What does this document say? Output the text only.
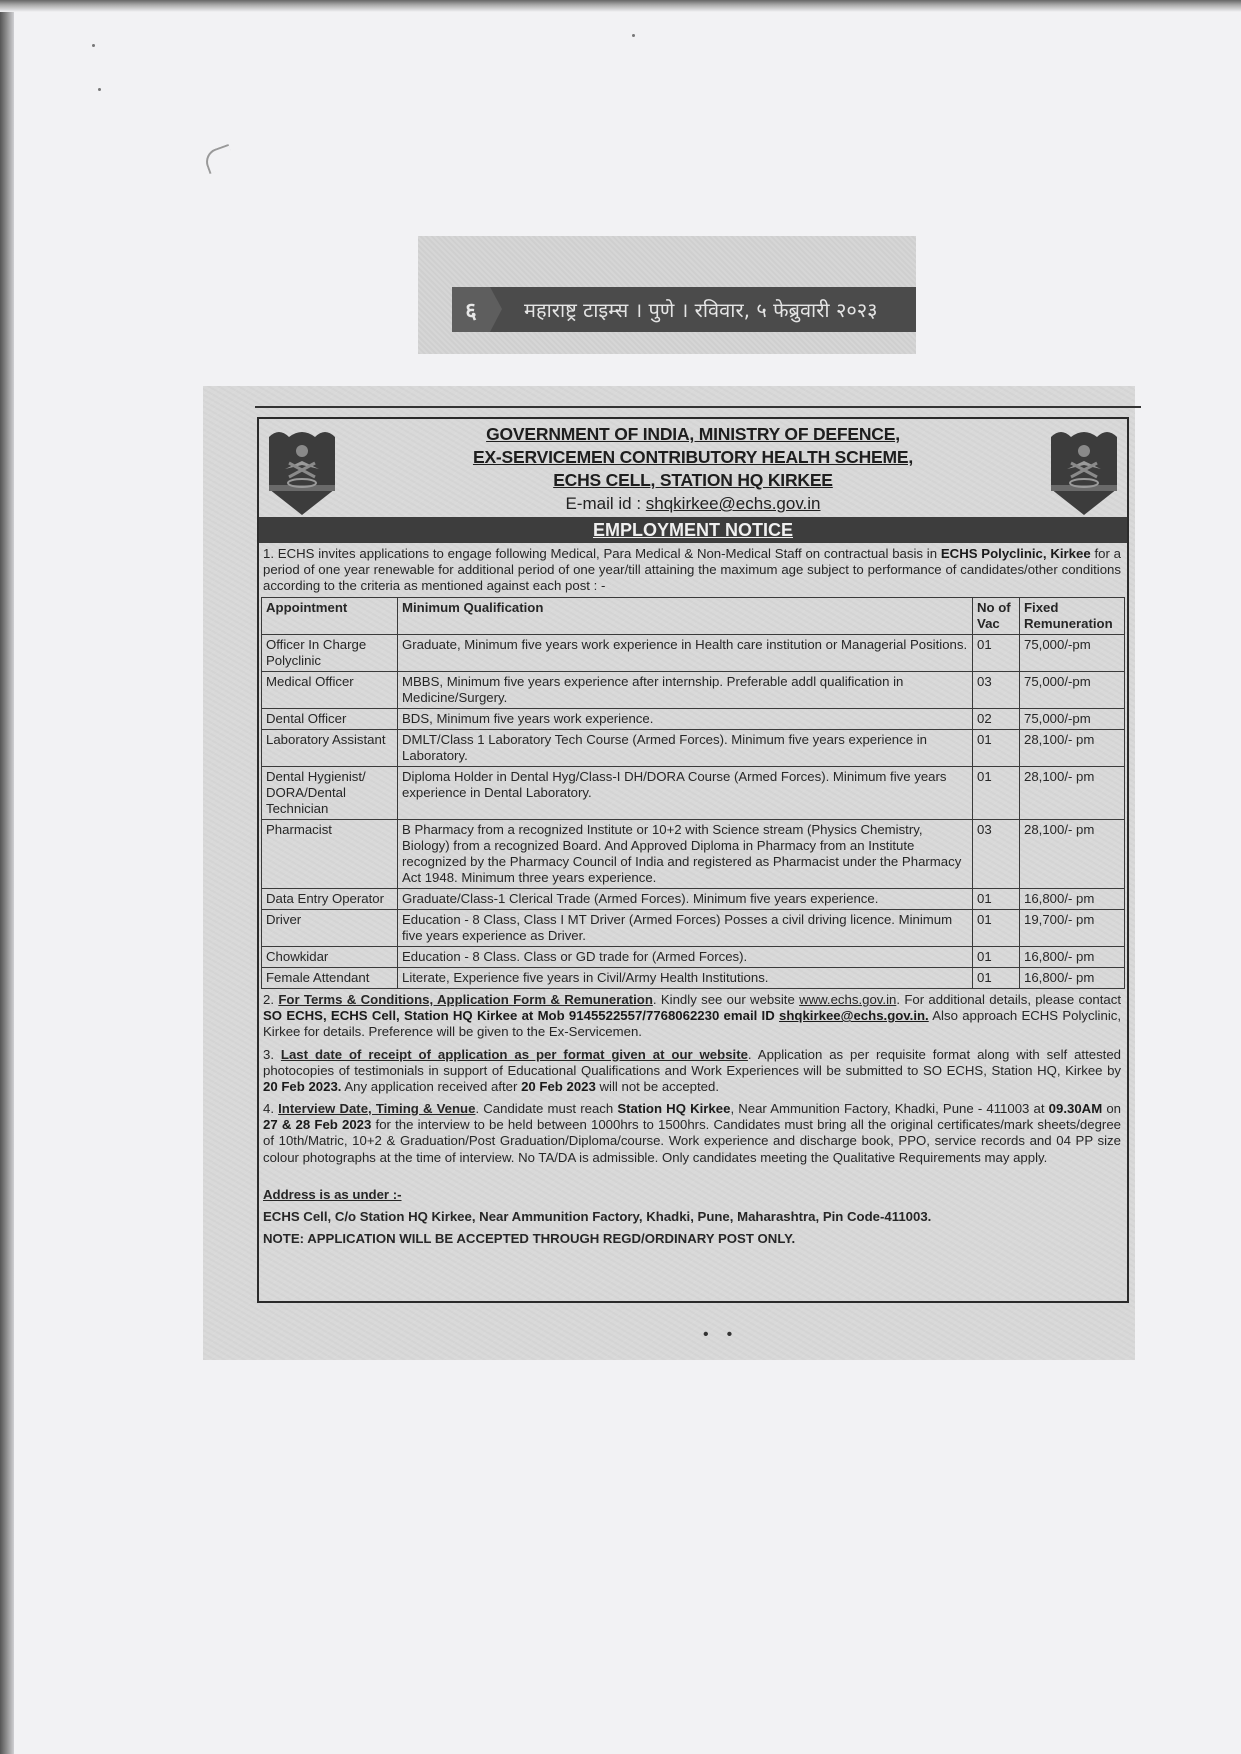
६	महाराष्ट्र टाइम्स । पुणे । रविवार, ५ फेब्रुवारी २०२३
GOVERNMENT OF INDIA, MINISTRY OF DEFENCE,
EX-SERVICEMEN CONTRIBUTORY HEALTH SCHEME,
ECHS CELL, STATION HQ KIRKEE
E-mail id : shqkirkee@echs.gov.in
EMPLOYMENT NOTICE
1. ECHS invites applications to engage following Medical, Para Medical & Non-Medical Staff on contractual basis in ECHS Polyclinic, Kirkee for a period of one year renewable for additional period of one year/till attaining the maximum age subject to performance of candidates/other conditions according to the criteria as mentioned against each post : -
Appointment	Minimum Qualification	No of Vac	Fixed Remuneration
Officer In Charge Polyclinic	Graduate, Minimum five years work experience in Health care institution or Managerial Positions.	01	75,000/-pm
Medical Officer	MBBS, Minimum five years experience after internship. Preferable addl qualification in Medicine/Surgery.	03	75,000/-pm
Dental Officer	BDS, Minimum five years work experience.	02	75,000/-pm
Laboratory Assistant	DMLT/Class 1 Laboratory Tech Course (Armed Forces). Minimum five years experience in Laboratory.	01	28,100/- pm
Dental Hygienist/ DORA/Dental Technician	Diploma Holder in Dental Hyg/Class-I DH/DORA Course (Armed Forces). Minimum five years experience in Dental Laboratory.	01	28,100/- pm
Pharmacist	B Pharmacy from a recognized Institute or 10+2 with Science stream (Physics Chemistry, Biology) from a recognized Board. And Approved Diploma in Pharmacy from an Institute recognized by the Pharmacy Council of India and registered as Pharmacist under the Pharmacy Act 1948. Minimum three years experience.	03	28,100/- pm
Data Entry Operator	Graduate/Class-1 Clerical Trade (Armed Forces). Minimum five years experience.	01	16,800/- pm
Driver	Education - 8 Class, Class I MT Driver (Armed Forces) Posses a civil driving licence. Minimum five years experience as Driver.	01	19,700/- pm
Chowkidar	Education - 8 Class. Class or GD trade for (Armed Forces).	01	16,800/- pm
Female Attendant	Literate, Experience five years in Civil/Army Health Institutions.	01	16,800/- pm
2. For Terms & Conditions, Application Form & Remuneration. Kindly see our website www.echs.gov.in. For additional details, please contact SO ECHS, ECHS Cell, Station HQ Kirkee at Mob 9145522557/7768062230 email ID shqkirkee@echs.gov.in. Also approach ECHS Polyclinic, Kirkee for details. Preference will be given to the Ex-Servicemen.
3. Last date of receipt of application as per format given at our website. Application as per requisite format along with self attested photocopies of testimonials in support of Educational Qualifications and Work Experiences will be submitted to SO ECHS, Station HQ, Kirkee by 20 Feb 2023. Any application received after 20 Feb 2023 will not be accepted.
4. Interview Date, Timing & Venue. Candidate must reach Station HQ Kirkee, Near Ammunition Factory, Khadki, Pune - 411003 at 09.30AM on 27 & 28 Feb 2023 for the interview to be held between 1000hrs to 1500hrs. Candidates must bring all the original certificates/mark sheets/degree of 10th/Matric, 10+2 & Graduation/Post Graduation/Diploma/course. Work experience and discharge book, PPO, service records and 04 PP size colour photographs at the time of interview. No TA/DA is admissible. Only candidates meeting the Qualitative Requirements may apply.
Address is as under :-
ECHS Cell, C/o Station HQ Kirkee, Near Ammunition Factory, Khadki, Pune, Maharashtra, Pin Code-411003.
NOTE: APPLICATION WILL BE ACCEPTED THROUGH REGD/ORDINARY POST ONLY.
••
